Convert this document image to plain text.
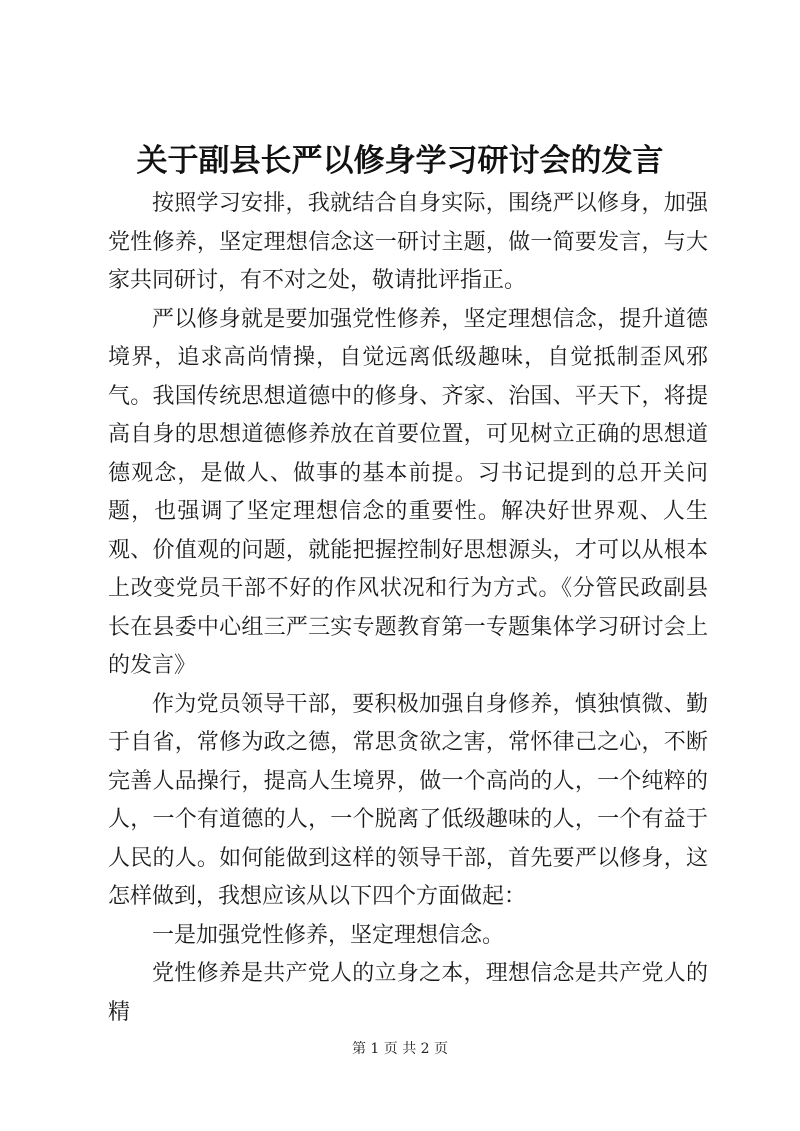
关于副县长严以修身学习研讨会的发言

按照学习安排，我就结合自身实际，围绕严以修身，加强党性修养，坚定理想信念这一研讨主题，做一简要发言，与大家共同研讨，有不对之处，敬请批评指正。

严以修身就是要加强党性修养，坚定理想信念，提升道德境界，追求高尚情操，自觉远离低级趣味，自觉抵制歪风邪气。我国传统思想道德中的修身、齐家、治国、平天下，将提高自身的思想道德修养放在首要位置，可见树立正确的思想道德观念，是做人、做事的基本前提。习书记提到的总开关问题，也强调了坚定理想信念的重要性。解决好世界观、人生观、价值观的问题，就能把握控制好思想源头，才可以从根本上改变党员干部不好的作风状况和行为方式。《分管民政副县长在县委中心组三严三实专题教育第一专题集体学习研讨会上的发言》

作为党员领导干部，要积极加强自身修养，慎独慎微、勤于自省，常修为政之德，常思贪欲之害，常怀律己之心，不断完善人品操行，提高人生境界，做一个高尚的人，一个纯粹的人，一个有道德的人，一个脱离了低级趣味的人，一个有益于人民的人。如何能做到这样的领导干部，首先要严以修身，这怎样做到，我想应该从以下四个方面做起：

一是加强党性修养，坚定理想信念。

党性修养是共产党人的立身之本，理想信念是共产党人的精

第 1 页 共 2 页
